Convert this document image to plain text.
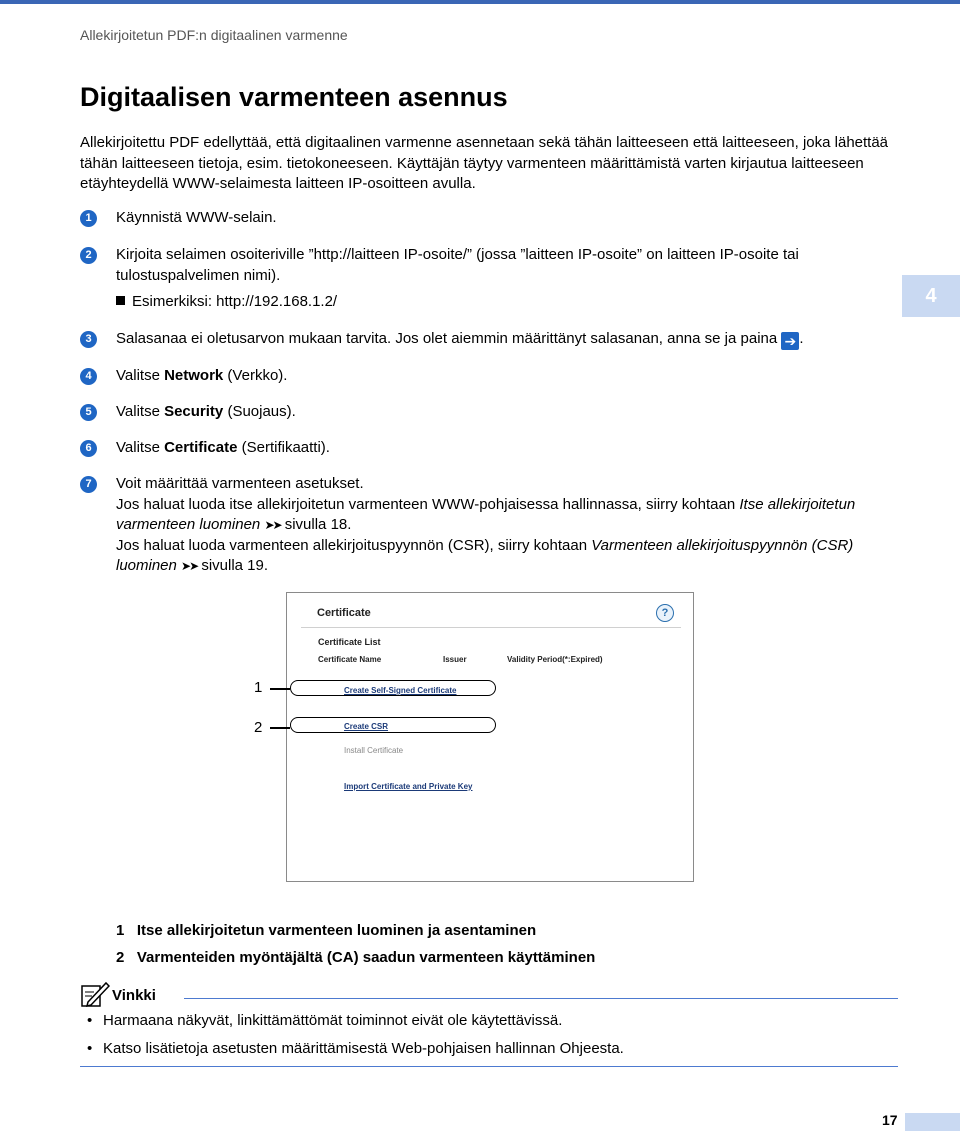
Allekirjoitetun PDF:n digitaalinen varmenne
Digitaalisen varmenteen asennus
Allekirjoitettu PDF edellyttää, että digitaalinen varmenne asennetaan sekä tähän laitteeseen että laitteeseen, joka lähettää tähän laitteeseen tietoja, esim. tietokoneeseen. Käyttäjän täytyy varmenteen määrittämistä varten kirjautua laitteeseen etäyhteydellä WWW-selaimesta laitteen IP-osoitteen avulla.
4
1	Käynnistä WWW-selain.
2	Kirjoita selaimen osoiteriville ”http://laitteen IP-osoite/” (jossa ”laitteen IP-osoite” on laitteen IP-osoite tai tulostuspalvelimen nimi).
Esimerkiksi: http://192.168.1.2/
3	Salasanaa ei oletusarvon mukaan tarvita. Jos olet aiemmin määrittänyt salasanan, anna se ja paina ➔ .
4	Valitse Network (Verkko).
5	Valitse Security (Suojaus).
6	Valitse Certificate (Sertifikaatti).
7	Voit määrittää varmenteen asetukset.
Jos haluat luoda itse allekirjoitetun varmenteen WWW-pohjaisessa hallinnassa, siirry kohtaan Itse allekirjoitetun varmenteen luominen ➤➤ sivulla 18.
Jos haluat luoda varmenteen allekirjoituspyynnön (CSR), siirry kohtaan Varmenteen allekirjoituspyynnön (CSR) luominen ➤➤ sivulla 19.
Certificate	?
Certificate List
Certificate Name	Issuer	Validity Period(*:Expired)
Create Self-Signed Certificate
Create CSR
Install Certificate
Import Certificate and Private Key
1
2
1   Itse allekirjoitetun varmenteen luominen ja asentaminen
2   Varmenteiden myöntäjältä (CA) saadun varmenteen käyttäminen
Vinkki
• Harmaana näkyvät, linkittämättömät toiminnot eivät ole käytettävissä.
• Katso lisätietoja asetusten määrittämisestä Web-pohjaisen hallinnan Ohjeesta.
17
